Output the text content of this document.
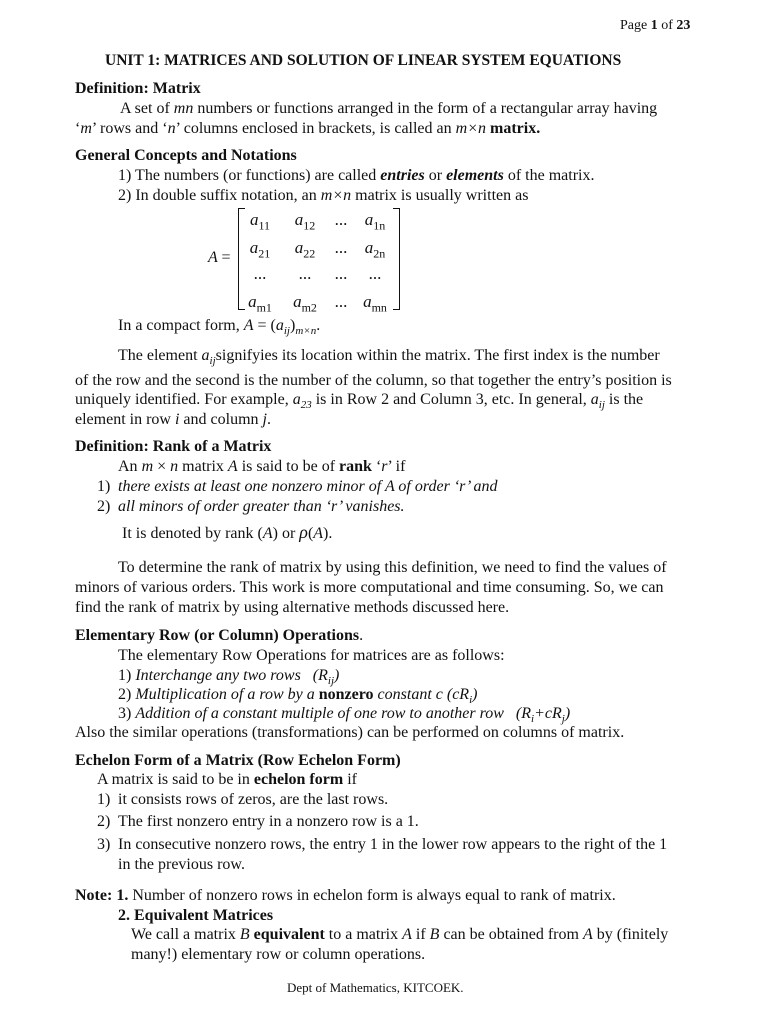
Page 1 of 23
UNIT 1: MATRICES AND SOLUTION OF LINEAR SYSTEM EQUATIONS
Definition: Matrix
A set of mn numbers or functions arranged in the form of a rectangular array having
‘m’ rows and ‘n’ columns enclosed in brackets, is called an m×n matrix.
General Concepts and Notations
1) The numbers (or functions) are called entries or elements of the matrix.
2) In double suffix notation, an m×n matrix is usually written as
A =
$a_{11}$	$a_{12}$	...	$a_{1n}$
$a_{21}$	$a_{22}$	...	$a_{2n}$
...	...	...	...
$a_{m1}$	$a_{m2}$	... $a_{mn}$
In a compact form, $A = (a_{ij})_{m\times n}$.
The element $a_{ij}signifyies$ its location within the matrix. The first index is the number
of the row and the second is the number of the column, so that together the entry’s position is
uniquely identified. For example, $a_{23}$ is in Row 2 and Column 3, etc. In general, $a_{ij}$ is the
element in row i and column j.
Definition: Rank of a Matrix
An m × n matrix A is said to be of rank ‘r’ if
1) there exists at least one nonzero minor of A of order ‘r’ and
2) all minors of order greater than ‘r’ vanishes.
It is denoted by rank (A) or ρ(A).
To determine the rank of matrix by using this definition, we need to find the values of
minors of various orders. This work is more computational and time consuming. So, we can
find the rank of matrix by using alternative methods discussed here.
Elementary Row (or Column) Operations.
The elementary Row Operations for matrices are as follows:
1) Interchange any two rows $(R_{ij})$
2) Multiplication of a row by a nonzero constant c $(cR_i)$
3) Addition of a constant multiple of one row to another row $(R_i+cR_j)$
Also the similar operations (transformations) can be performed on columns of matrix.
Echelon Form of a Matrix (Row Echelon Form)
A matrix is said to be in echelon form if
1) it consists rows of zeros, are the last rows.
2) The first nonzero entry in a nonzero row is a 1.
3) In consecutive nonzero rows, the entry 1 in the lower row appears to the right of the 1
in the previous row.
Note: 1. Number of nonzero rows in echelon form is always equal to rank of matrix.
2. Equivalent Matrices
We call a matrix B equivalent to a matrix A if B can be obtained from A by (finitely
many!) elementary row or column operations.
Dept of Mathematics, KITCOEK.
